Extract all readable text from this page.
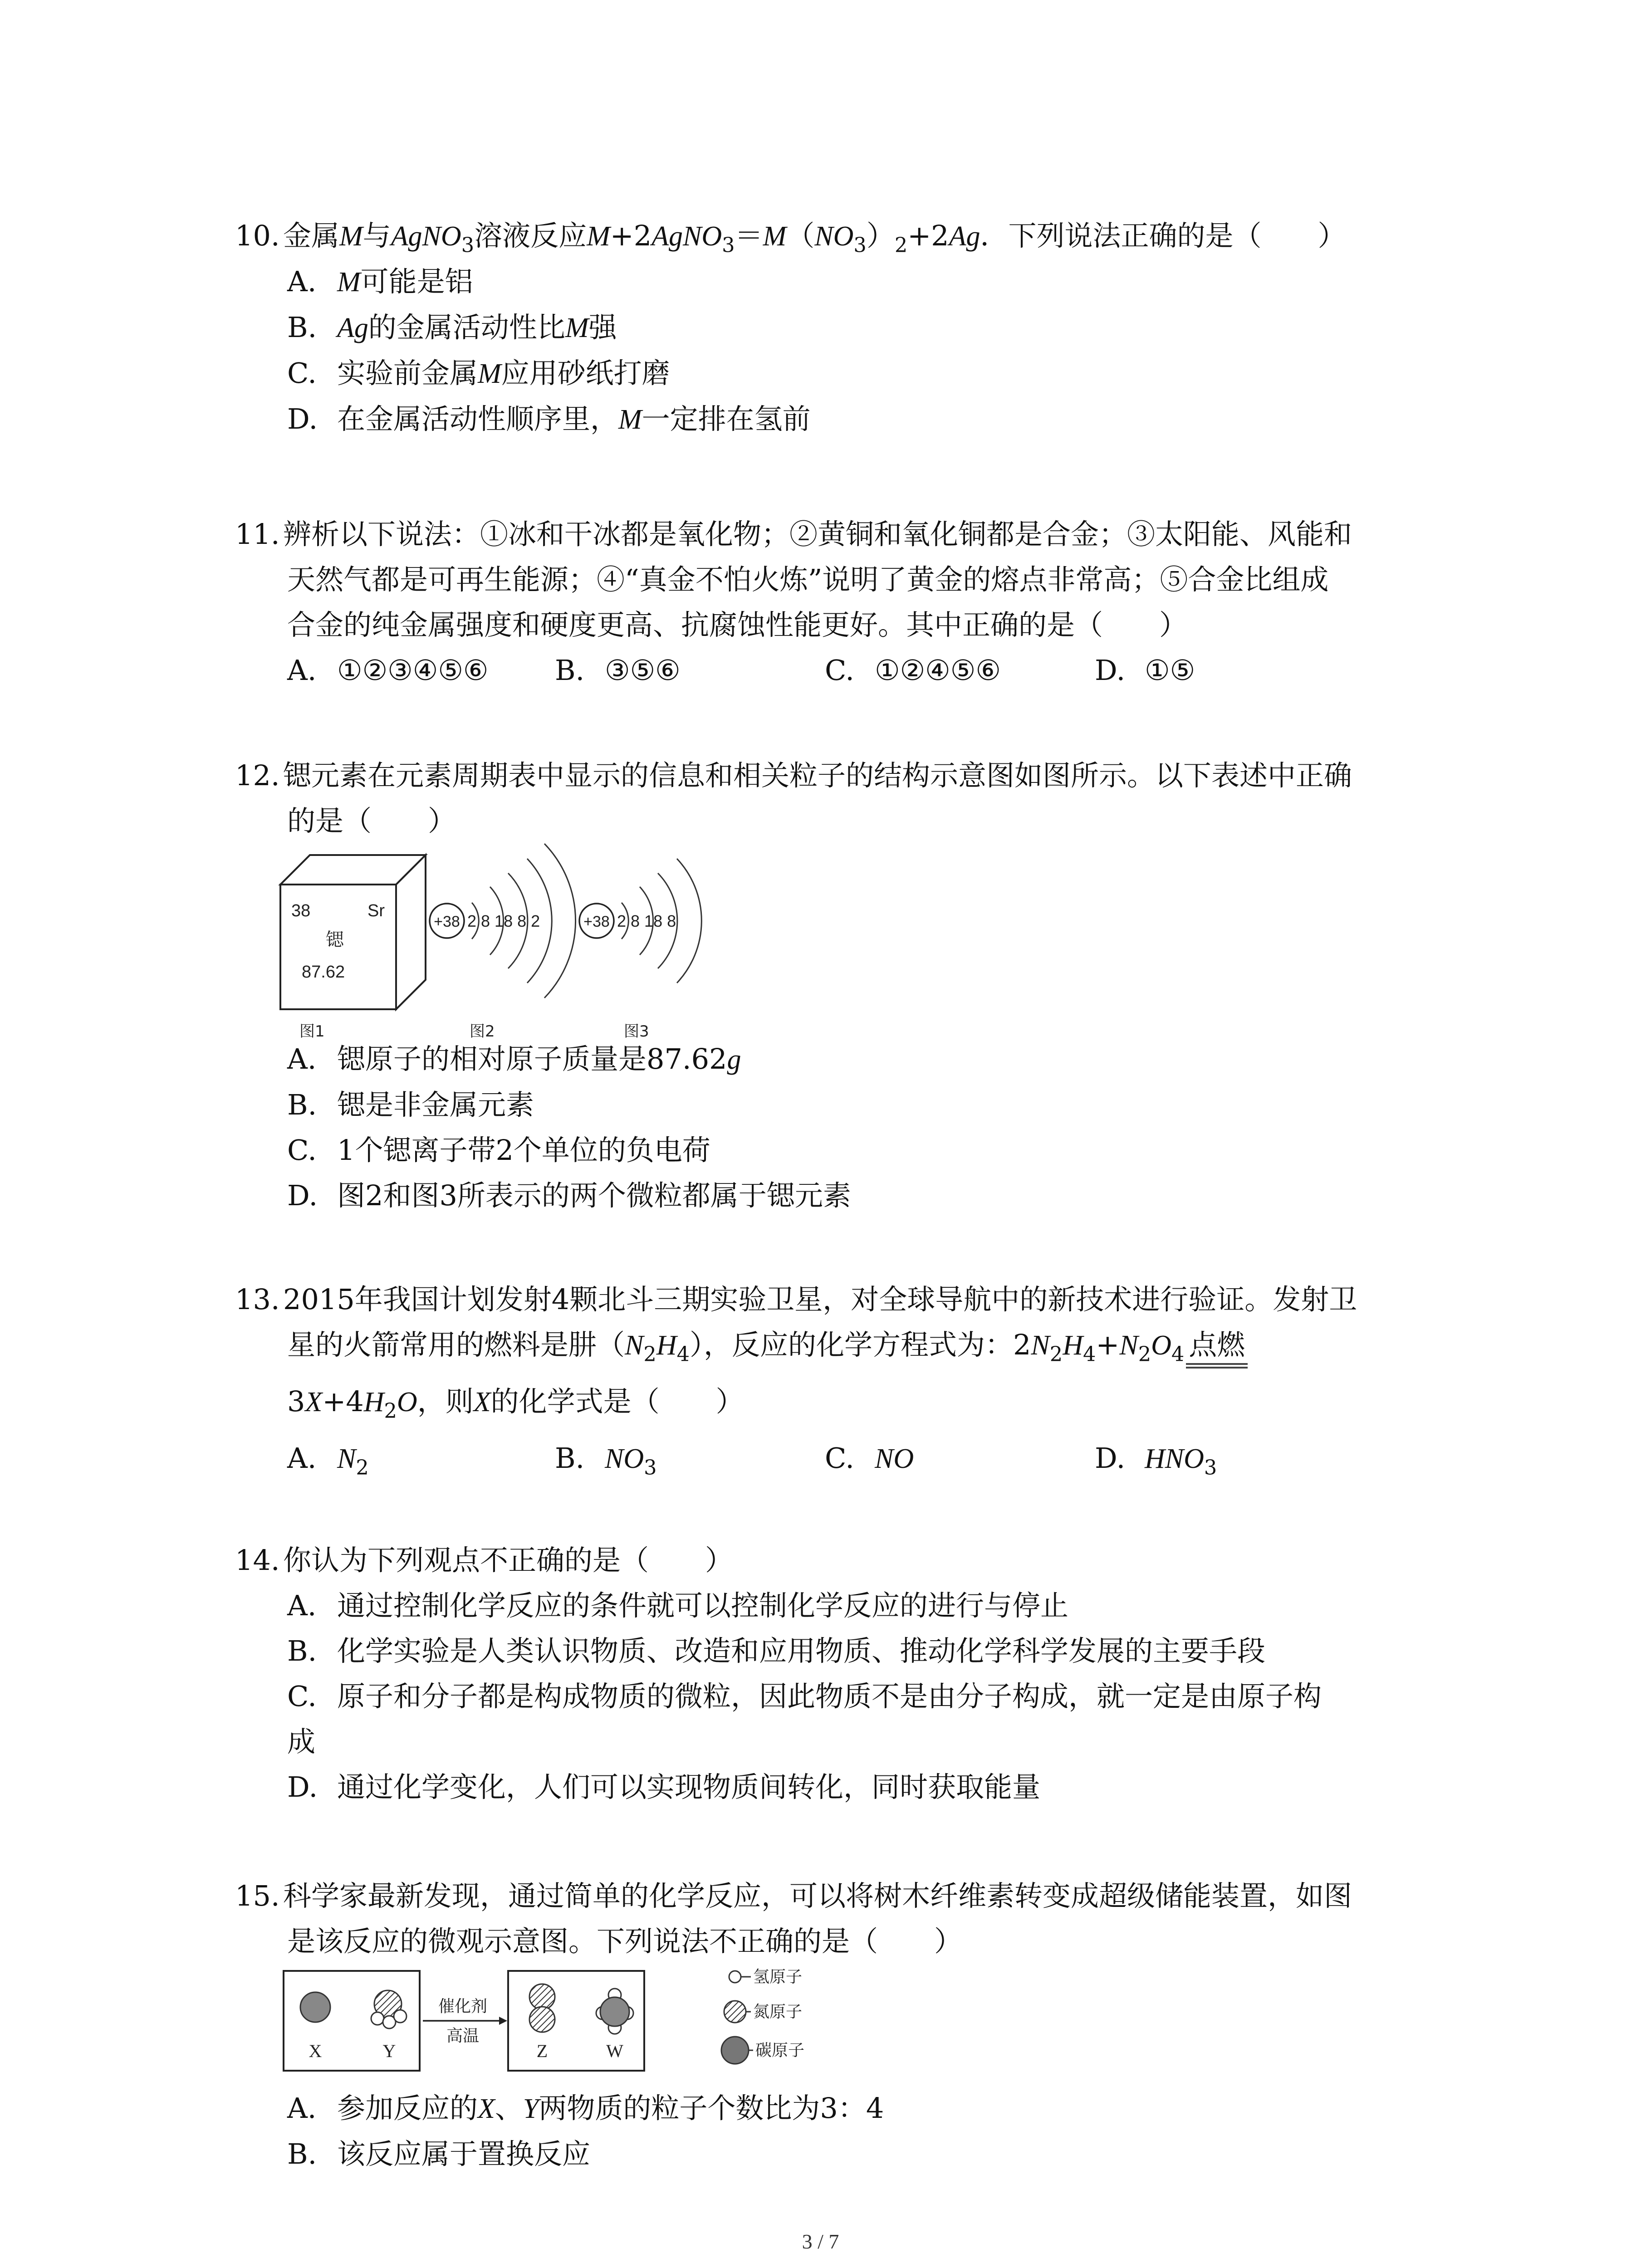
10. 金属M与AgNO$_3$溶液反应$M+2AgNO_3=M(NO_3)_2+2Ag$．下列说法正确的是（　　）
A. M可能是铝
B. Ag的金属活动性比M强
C. 实验前金属M应用砂纸打磨
D. 在金属活动性顺序里，M一定排在氢前
11. 辨析以下说法：①冰和干冰都是氧化物；②黄铜和氧化铜都是合金；③太阳能、风能和
天然气都是可再生能源；④“真金不怕火炼”说明了黄金的熔点非常高；⑤合金比组成
合金的纯金属强度和硬度更高、抗腐蚀性能更好。其中正确的是（　　）
A. ①②③④⑤⑥ B. ③⑤⑥	C. ①②④⑤⑥	D. ①⑤
12. 锶元素在元素周期表中显示的信息和相关粒子的结构示意图如图所示。以下表述中正确
的是（　　）
38	Sr
锶
87.62
+38 2 8 18 8 2	+38 2 8 18 8
图1	图2	图3
A. 锶原子的相对原子质量是87.62g
B. 锶是非金属元素
C. 1个锶离子带2个单位的负电荷
D. 图2和图3所表示的两个微粒都属于锶元素
13. 2015年我国计划发射4颗北斗三期实验卫星，对全球导航中的新技术进行验证。发射卫
星的火箭常用的燃料是肼$(N_2H_4)$，反应的化学方程式为：$2N_2H_4+N_2O_4$ 点燃
$3X+4H_2O$，则X的化学式是（　　）
A. $N_2$	B. $NO_3$	C. NO	D. $HNO_3$
14. 你认为下列观点不正确的是（　　）
A. 通过控制化学反应的条件就可以控制化学反应的进行与停止
B. 化学实验是人类认识物质、改造和应用物质、推动化学科学发展的主要手段
C. 原子和分子都是构成物质的微粒，因此物质不是由分子构成，就一定是由原子构
成
D. 通过化学变化，人们可以实现物质间转化，同时获取能量
15. 科学家最新发现，通过简单的化学反应，可以将树木纤维素转变成超级储能装置，如图
是该反应的微观示意图。下列说法不正确的是（　　）
X	Y	Z	W
催化剂
高温
氢原子
氮原子
碳原子
A. 参加反应的X、Y两物质的粒子个数比为3：4
B. 该反应属于置换反应
3 / 7
